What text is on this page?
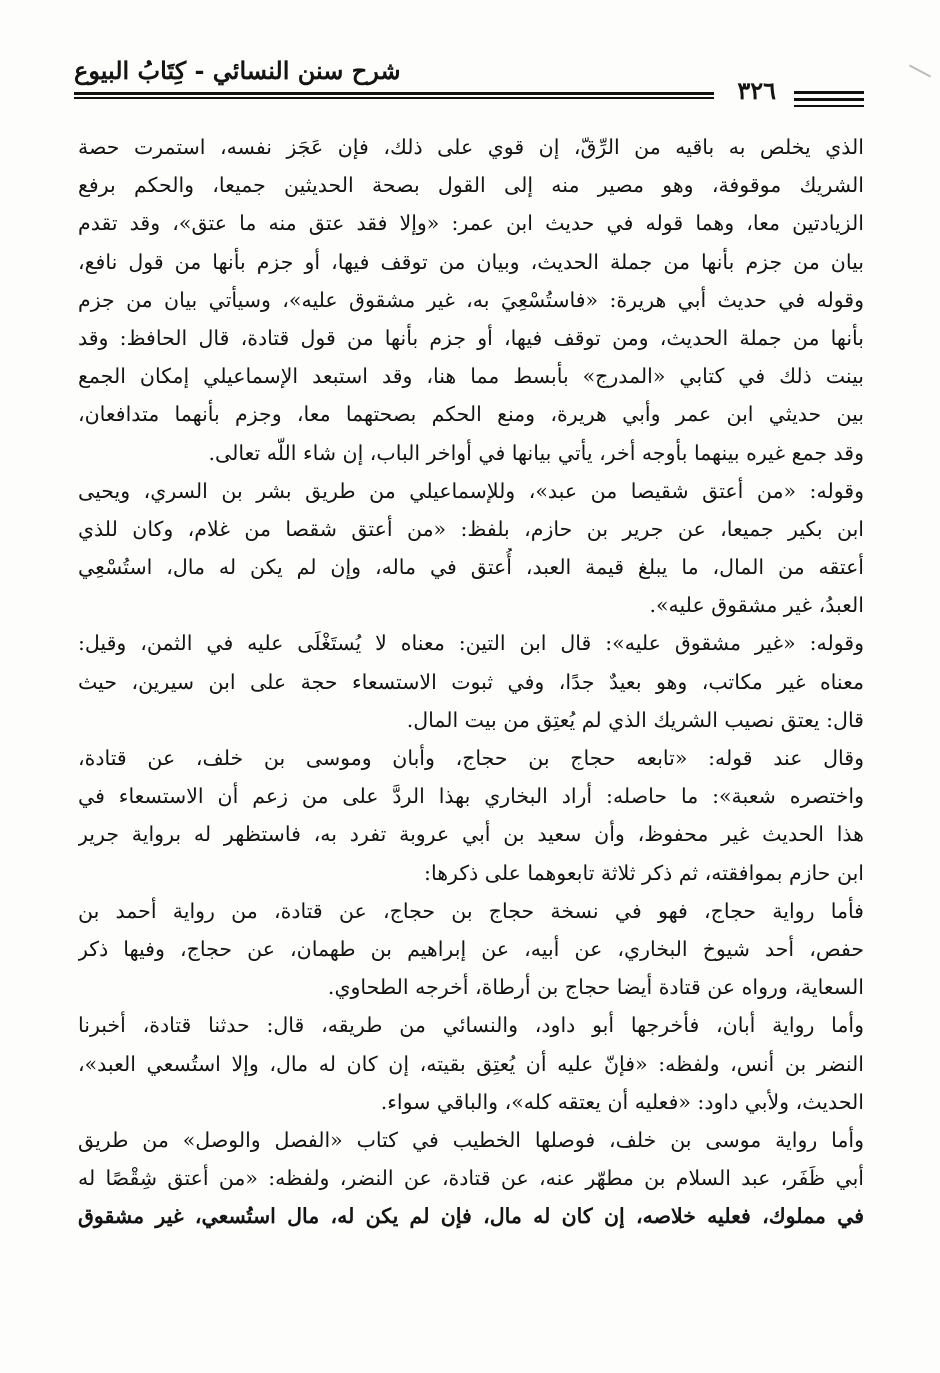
شرح سنن النسائي - كِتَابُ البيوع
٣٢٦
الذي يخلص به باقيه من الرِّقّ، إن قوي على ذلك، فإن عَجَز نفسه، استمرت حصة
الشريك موقوفة، وهو مصير منه إلى القول بصحة الحديثين جميعا، والحكم برفع
الزيادتين معا، وهما قوله في حديث ابن عمر: «وإلا فقد عتق منه ما عتق»، وقد تقدم
بيان من جزم بأنها من جملة الحديث، وبيان من توقف فيها، أو جزم بأنها من قول نافع،
وقوله في حديث أبي هريرة: «فاستُسْعِيَ به، غير مشقوق عليه»، وسيأتي بيان من جزم
بأنها من جملة الحديث، ومن توقف فيها، أو جزم بأنها من قول قتادة، قال الحافظ: وقد
بينت ذلك في كتابي «المدرج» بأبسط مما هنا، وقد استبعد الإسماعيلي إمكان الجمع
بين حديثي ابن عمر وأبي هريرة، ومنع الحكم بصحتهما معا، وجزم بأنهما متدافعان،
وقد جمع غيره بينهما بأوجه أخر، يأتي بيانها في أواخر الباب، إن شاء اللّه تعالى.
وقوله: «من أعتق شقيصا من عبد»، وللإسماعيلي من طريق بشر بن السري، ويحيى
ابن بكير جميعا، عن جرير بن حازم، بلفظ: «من أعتق شقصا من غلام، وكان للذي
أعتقه من المال، ما يبلغ قيمة العبد، أُعتق في ماله، وإن لم يكن له مال، استُسْعِي
العبدُ، غير مشقوق عليه».
وقوله: «غير مشقوق عليه»: قال ابن التين: معناه لا يُستَغْلَى عليه في الثمن، وقيل:
معناه غير مكاتب، وهو بعيدٌ جدًا، وفي ثبوت الاستسعاء حجة على ابن سيرين، حيث
قال: يعتق نصيب الشريك الذي لم يُعتِق من بيت المال.
وقال عند قوله: «تابعه حجاج بن حجاج، وأبان وموسى بن خلف، عن قتادة،
واختصره شعبة»: ما حاصله: أراد البخاري بهذا الردَّ على من زعم أن الاستسعاء في
هذا الحديث غير محفوظ، وأن سعيد بن أبي عروبة تفرد به، فاستظهر له برواية جرير
ابن حازم بموافقته، ثم ذكر ثلاثة تابعوهما على ذكرها:
فأما رواية حجاج، فهو في نسخة حجاج بن حجاج، عن قتادة، من رواية أحمد بن
حفص، أحد شيوخ البخاري، عن أبيه، عن إبراهيم بن طهمان، عن حجاج، وفيها ذكر
السعاية، ورواه عن قتادة أيضا حجاج بن أرطاة، أخرجه الطحاوي.
وأما رواية أبان، فأخرجها أبو داود، والنسائي من طريقه، قال: حدثنا قتادة، أخبرنا
النضر بن أنس، ولفظه: «فإنّ عليه أن يُعتِق بقيته، إن كان له مال، وإلا استُسعي العبد»،
الحديث، ولأبي داود: «فعليه أن يعتقه كله»، والباقي سواء.
وأما رواية موسى بن خلف، فوصلها الخطيب في كتاب «الفصل والوصل» من طريق
أبي ظَفَر، عبد السلام بن مطهّر عنه، عن قتادة، عن النضر، ولفظه: «من أعتق شِقْصًا له
في مملوك، فعليه خلاصه، إن كان له مال، فإن لم يكن له، مال استُسعي، غير مشقوق
